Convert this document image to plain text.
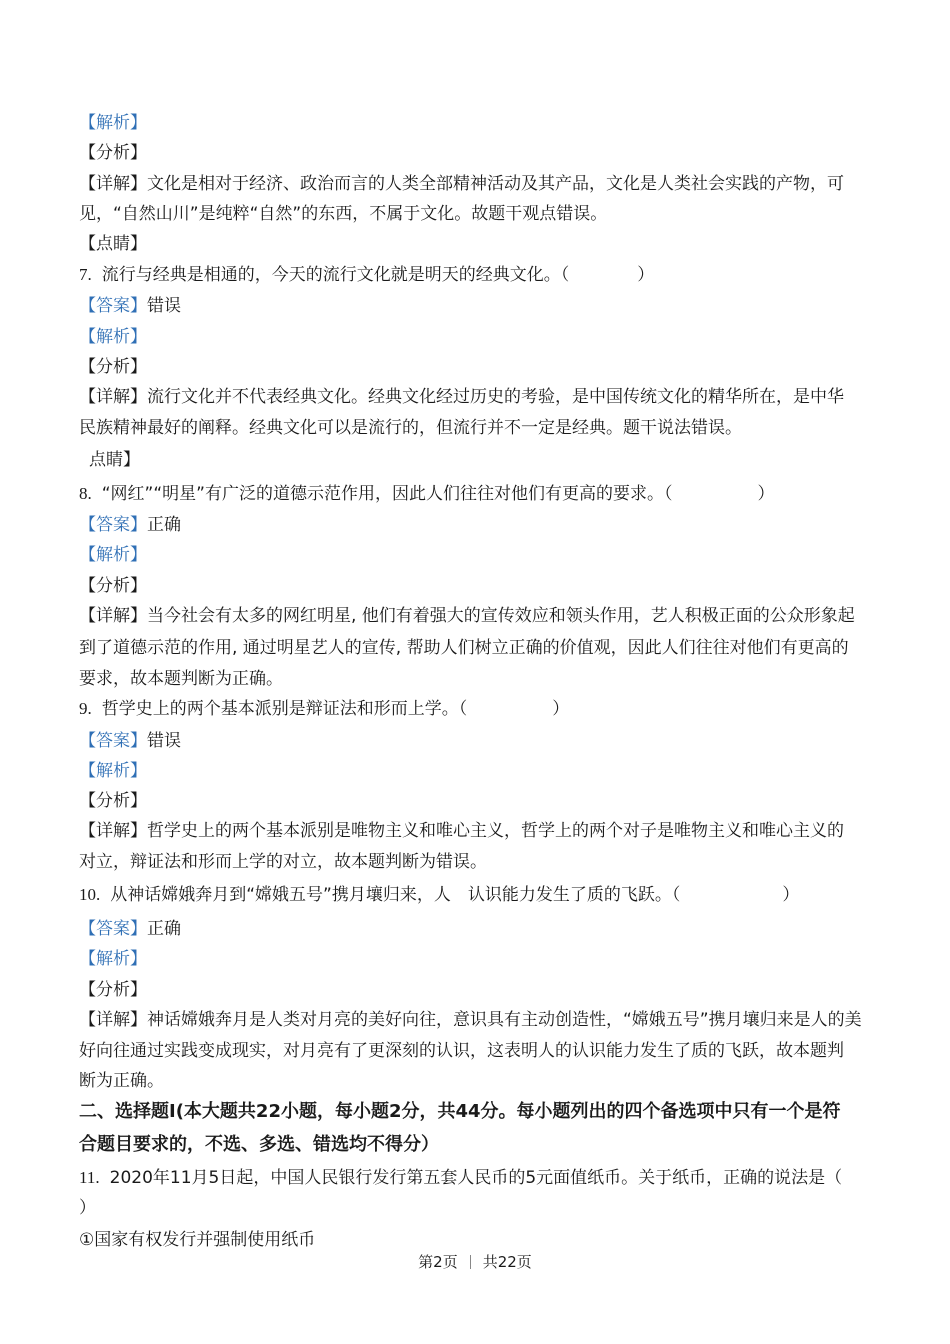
【解析】
【分析】
【详解】文化是相对于经济、政治而言的人类全部精神活动及其产品，文化是人类社会实践的产物，可
见，“自然山川”是纯粹“自然”的东西，不属于文化。故题干观点错误。
【点睛】
7. 流行与经典是相通的，今天的流行文化就是明天的经典文化。（　　　　）
【答案】错误
【解析】
【分析】
【详解】流行文化并不代表经典文化。经典文化经过历史的考验，是中国传统文化的精华所在，是中华
民族精神最好的阐释。经典文化可以是流行的，但流行并不一定是经典。题干说法错误。
点睛】
8. “网红”“明星”有广泛的道德示范作用，因此人们往往对他们有更高的要求。（　　　　　）
【答案】正确
【解析】
【分析】
【详解】当今社会有太多的网红明星, 他们有着强大的宣传效应和领头作用，艺人积极正面的公众形象起
到了道德示范的作用, 通过明星艺人的宣传, 帮助人们树立正确的价值观，因此人们往往对他们有更高的
要求，故本题判断为正确。
9. 哲学史上的两个基本派别是辩证法和形而上学。（　　　　　）
【答案】错误
【解析】
【分析】
【详解】哲学史上的两个基本派别是唯物主义和唯心主义，哲学上的两个对子是唯物主义和唯心主义的
对立，辩证法和形而上学的对立，故本题判断为错误。
10. 从神话嫦娥奔月到“嫦娥五号”携月壤归来，人　认识能力发生了质的飞跃。（　　　　　　）
【答案】正确
【解析】
【分析】
【详解】神话嫦娥奔月是人类对月亮的美好向往，意识具有主动创造性，“嫦娥五号”携月壤归来是人的美
好向往通过实践变成现实，对月亮有了更深刻的认识，这表明人的认识能力发生了质的飞跃，故本题判
断为正确。
二、选择题Ⅰ(本大题共22小题，每小题2分，共44分。每小题列出的四个备选项中只有一个是符
合题目要求的，不选、多选、错选均不得分）
11. 2020年11月5日起，中国人民银行发行第五套人民币的5元面值纸币。关于纸币，正确的说法是（
）
①国家有权发行并强制使用纸币
第2页 共22页
